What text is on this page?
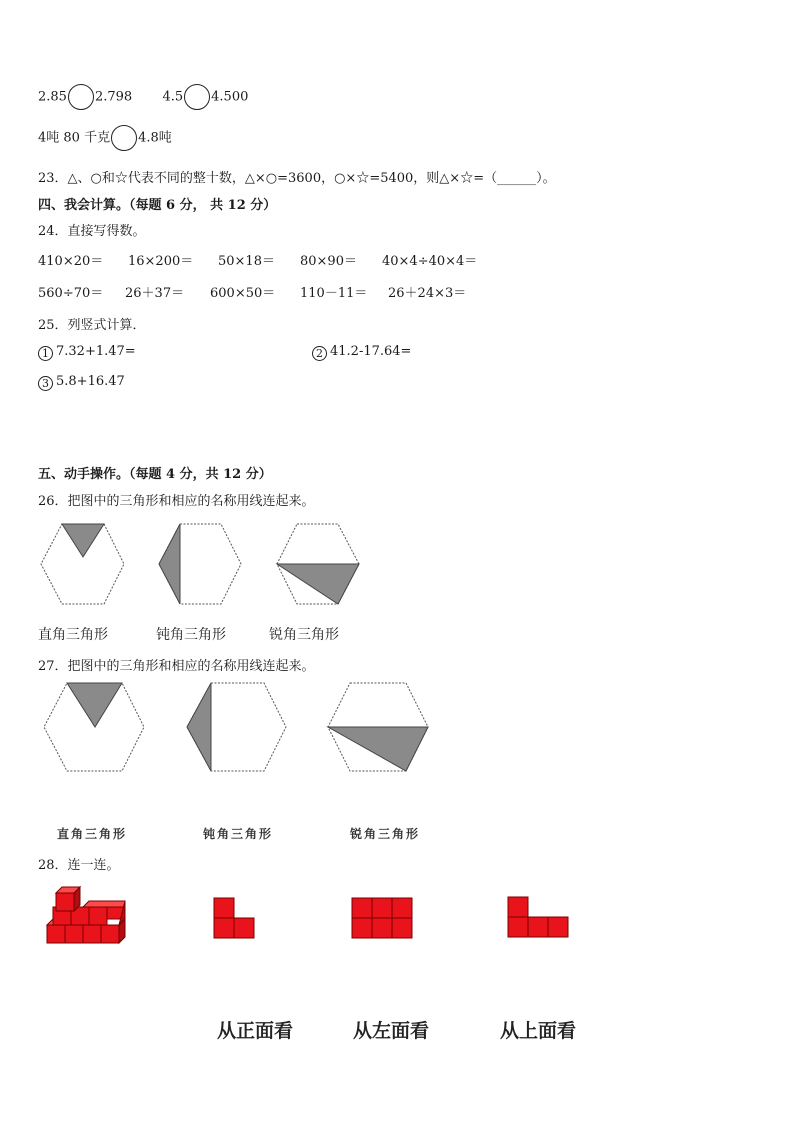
2.85 2.798 4.5 4.500
4吨 80 千克 4.8吨
23．△、○和☆代表不同的整十数，△×○=3600，○×☆=5400，则△×☆=（______）。
四、我会计算。（每题 6 分， 共 12 分）
24．直接写得数。
410×20＝ 16×200＝ 50×18＝ 80×90＝ 40×4÷40×4＝
560÷70＝ 26＋37＝ 600×50＝ 110－11＝ 26＋24×3＝
25．列竖式计算．
1 7.32+1.47=	2 41.2-17.64=
3 5.8+16.47
五、动手操作。（每题 4 分，共 12 分）
26．把图中的三角形和相应的名称用线连起来。
直角三角形	钝角三角形	锐角三角形
27．把图中的三角形和相应的名称用线连起来。
直角三角形	钝角三角形	锐角三角形
28．连一连。
从正面看	从左面看	从上面看
